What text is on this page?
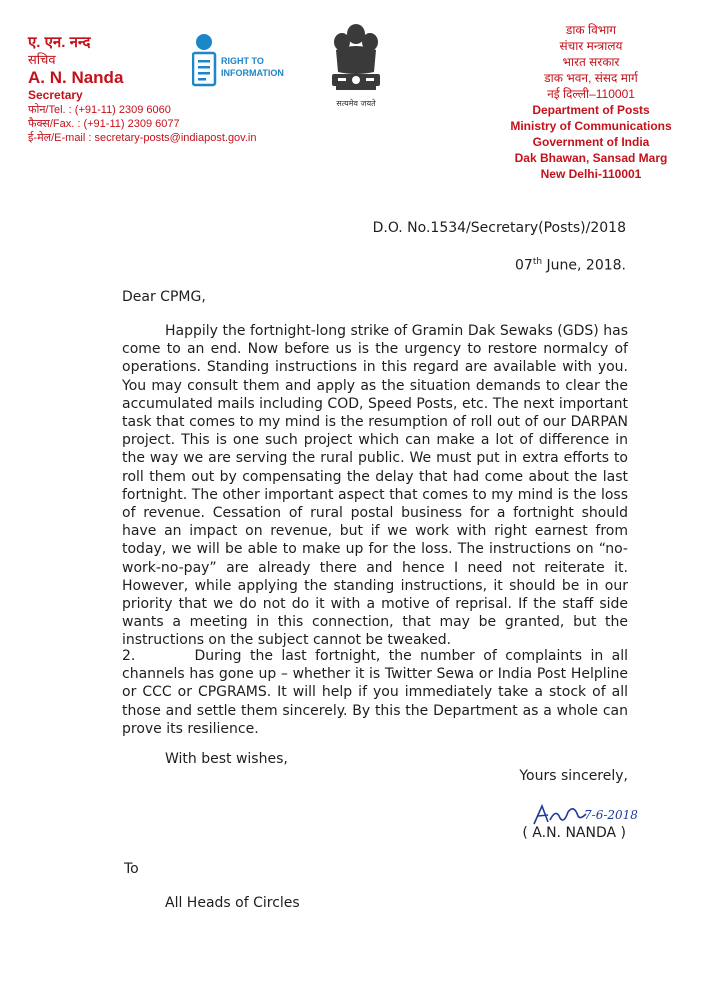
ए. एन. नन्द
सचिव
A. N. Nanda
Secretary
फोन/Tel. : (+91-11) 2309 6060
फैक्स/Fax. : (+91-11) 2309 6077
ई-मेल/E-mail : secretary-posts@indiapost.gov.in
RIGHT TO
INFORMATION
सत्यमेव जयते
डाक विभाग
संचार मन्त्रालय
भारत सरकार
डाक भवन, संसद मार्ग
नई दिल्ली–110001
Department of Posts
Ministry of Communications
Government of India
Dak Bhawan, Sansad Marg
New Delhi-110001
D.O. No.1534/Secretary(Posts)/2018
07th June, 2018.
Dear CPMG,
Happily the fortnight-long strike of Gramin Dak Sewaks (GDS) has come to an end. Now before us is the urgency to restore normalcy of operations. Standing instructions in this regard are available with you. You may consult them and apply as the situation demands to clear the accumulated mails including COD, Speed Posts, etc. The next important task that comes to my mind is the resumption of roll out of our DARPAN project. This is one such project which can make a lot of difference in the way we are serving the rural public. We must put in extra efforts to roll them out by compensating the delay that had come about the last fortnight. The other important aspect that comes to my mind is the loss of revenue. Cessation of rural postal business for a fortnight should have an impact on revenue, but if we work with right earnest from today, we will be able to make up for the loss. The instructions on “no-work-no-pay” are already there and hence I need not reiterate it. However, while applying the standing instructions, it should be in our priority that we do not do it with a motive of reprisal. If the staff side wants a meeting in this connection, that may be granted, but the instructions on the subject cannot be tweaked.
2.	During the last fortnight, the number of complaints in all channels has gone up – whether it is Twitter Sewa or India Post Helpline or CCC or CPGRAMS. It will help if you immediately take a stock of all those and settle them sincerely. By this the Department as a whole can prove its resilience.
With best wishes,
Yours sincerely,
7-6-2018
( A.N. NANDA )
To
All Heads of Circles
